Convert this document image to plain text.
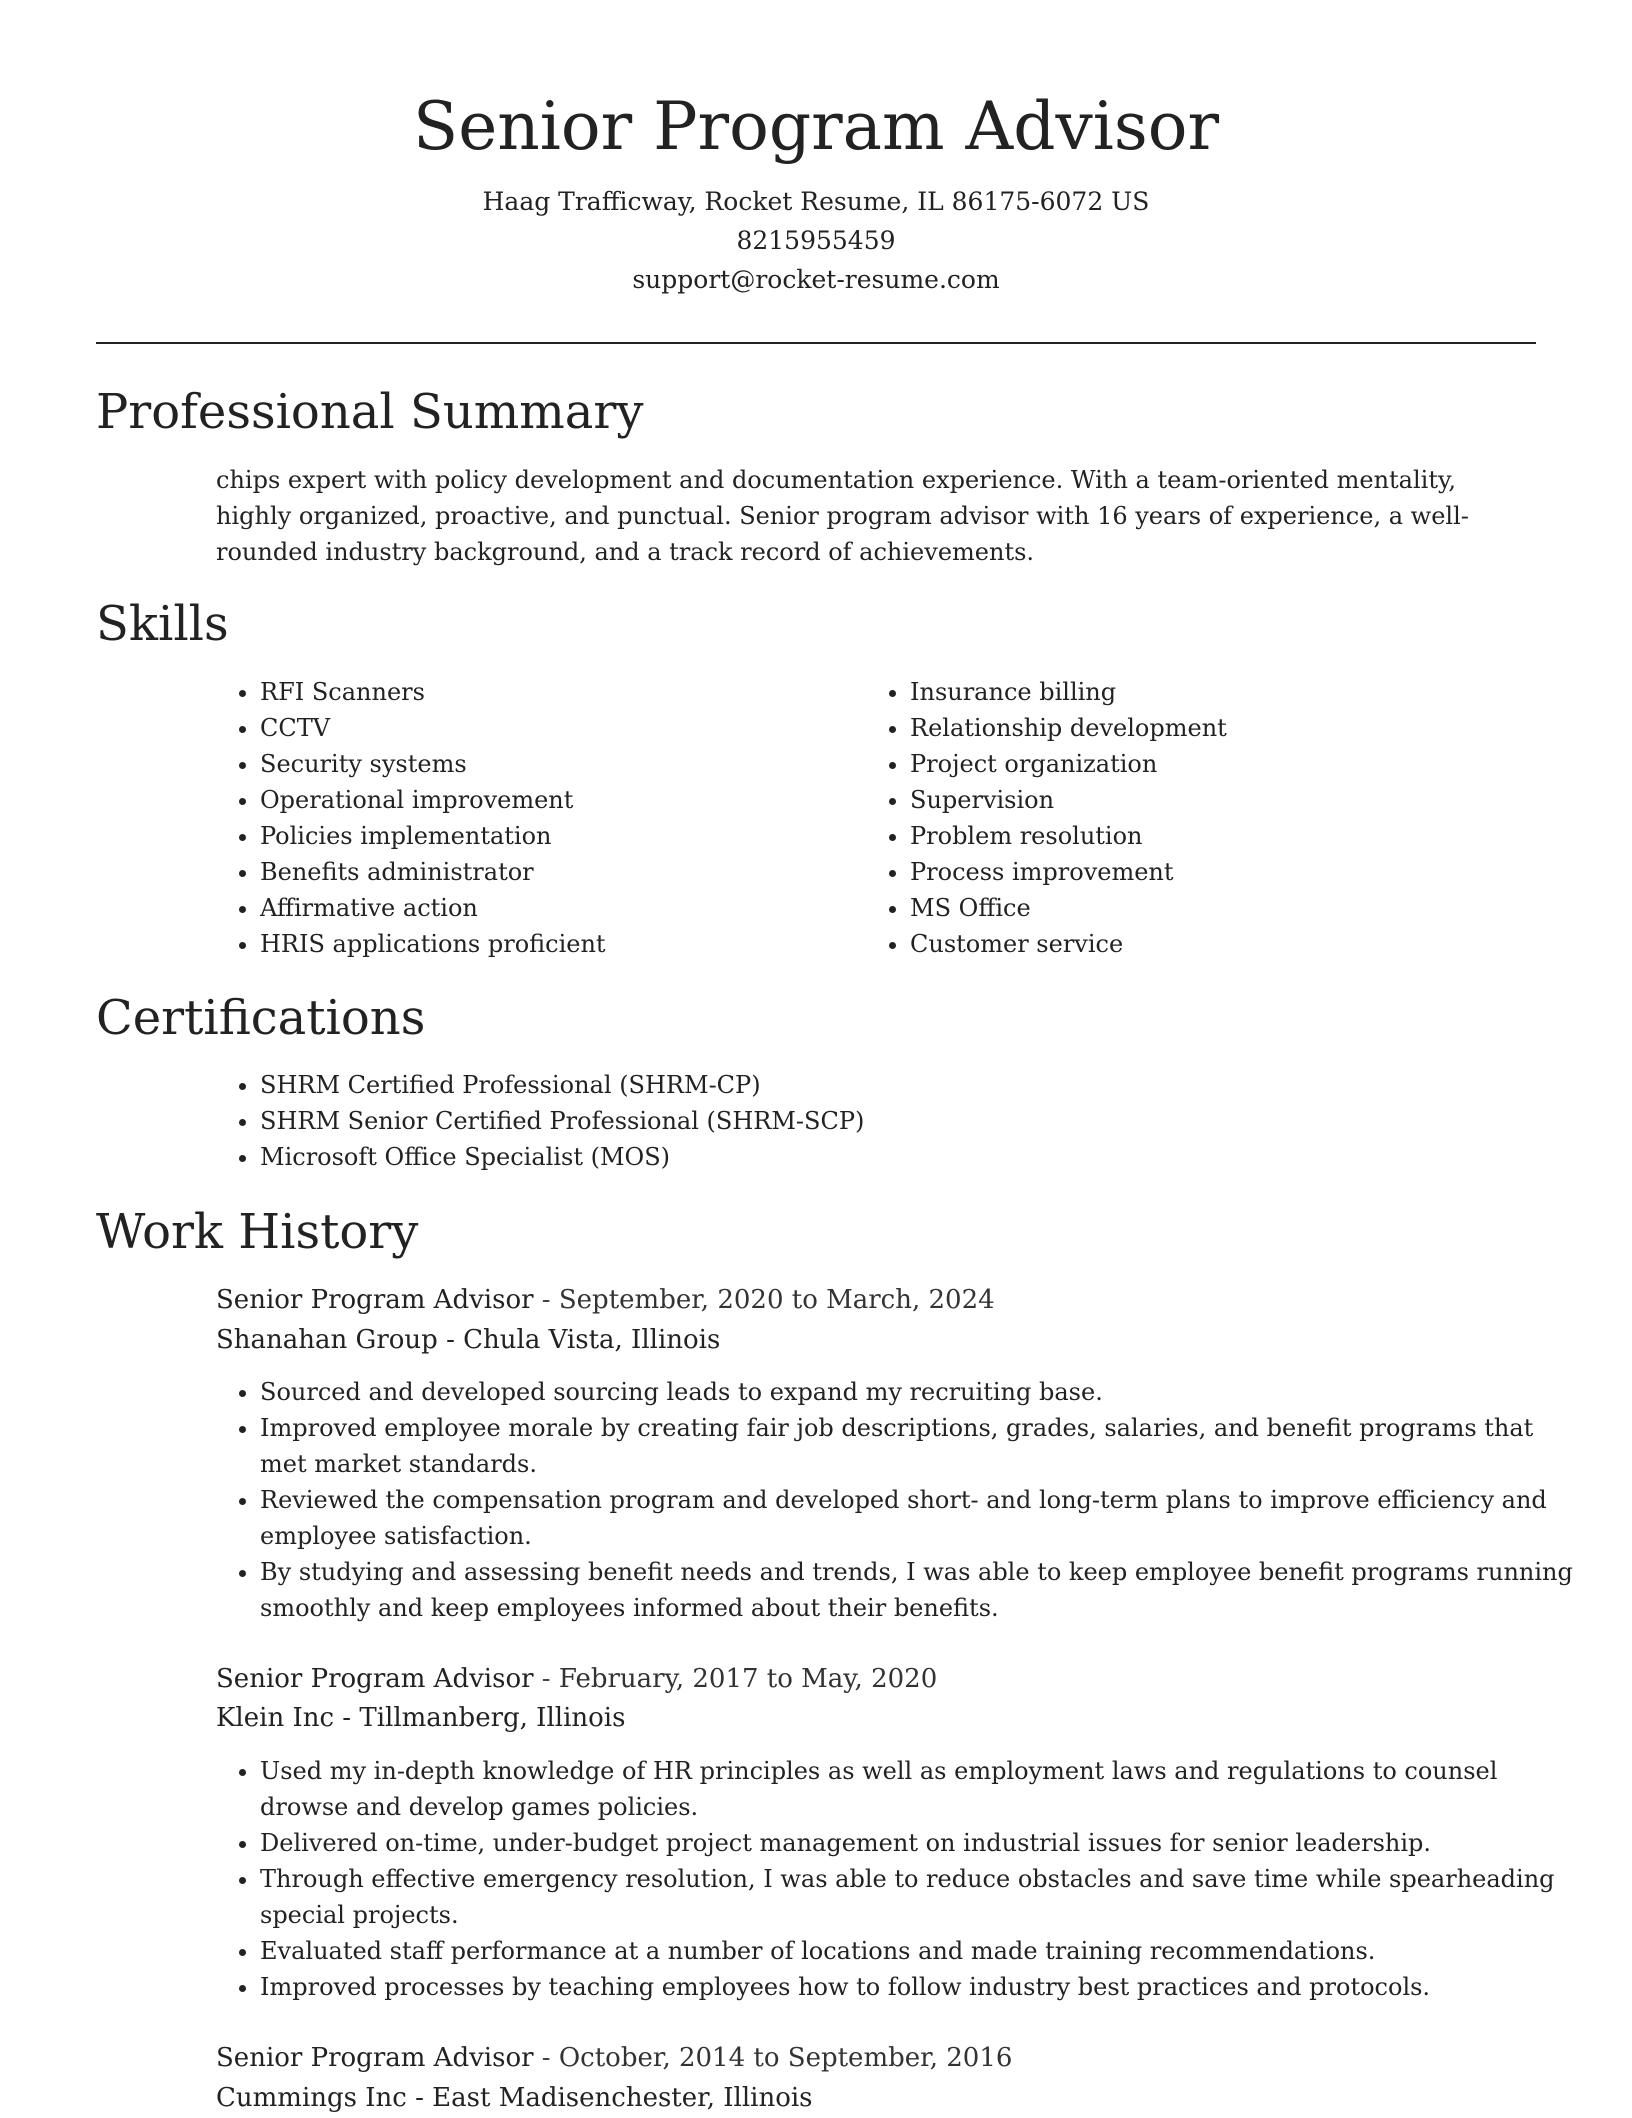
Senior Program Advisor

Haag Trafficway, Rocket Resume, IL 86175-6072 US

8215955459

support@rocket-resume.com

Professional Summary

chips expert with policy development and documentation experience. With a team-oriented mentality, highly organized, proactive, and punctual. Senior program advisor with 16 years of experience, a well-rounded industry background, and a track record of achievements.

Skills
• RFI Scanners
• CCTV
• Security systems
• Operational improvement
• Policies implementation
• Benefits administrator
• Affirmative action
• HRIS applications proficient
• Insurance billing
• Relationship development
• Project organization
• Supervision
• Problem resolution
• Process improvement
• MS Office
• Customer service
Certifications
• SHRM Certified Professional (SHRM-CP)
• SHRM Senior Certified Professional (SHRM-SCP)
• Microsoft Office Specialist (MOS)
Work History

Senior Program Advisor - September, 2020 to March, 2024

Shanahan Group - Chula Vista, Illinois

• Sourced and developed sourcing leads to expand my recruiting base.
• Improved employee morale by creating fair job descriptions, grades, salaries, and benefit programs that met market standards.
• Reviewed the compensation program and developed short- and long-term plans to improve efficiency and employee satisfaction.
• By studying and assessing benefit needs and trends, I was able to keep employee benefit programs running smoothly and keep employees informed about their benefits.

Senior Program Advisor - February, 2017 to May, 2020

Klein Inc - Tillmanberg, Illinois

• Used my in-depth knowledge of HR principles as well as employment laws and regulations to counsel drowse and develop games policies.
• Delivered on-time, under-budget project management on industrial issues for senior leadership.
• Through effective emergency resolution, I was able to reduce obstacles and save time while spearheading special projects.
• Evaluated staff performance at a number of locations and made training recommendations.
• Improved processes by teaching employees how to follow industry best practices and protocols.

Senior Program Advisor - October, 2014 to September, 2016

Cummings Inc - East Madisenchester, Illinois
